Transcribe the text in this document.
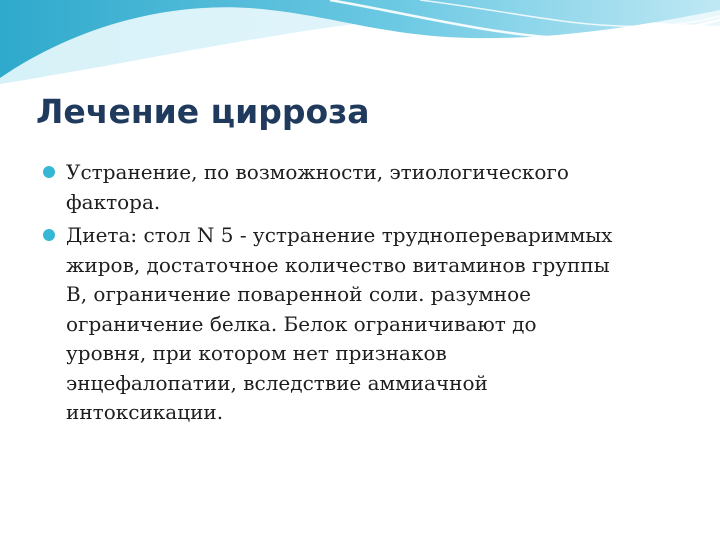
Лечение цирроза
Устранение, по возможности, этиологического
фактора.
Диета: стол N 5 - устранение трудноперевариммых
жиров, достаточное количество витаминов группы
В, ограничение поваренной соли. разумное
ограничение белка. Белок ограничивают до
уровня, при котором нет признаков
энцефалопатии, вследствие аммиачной
интоксикации.
